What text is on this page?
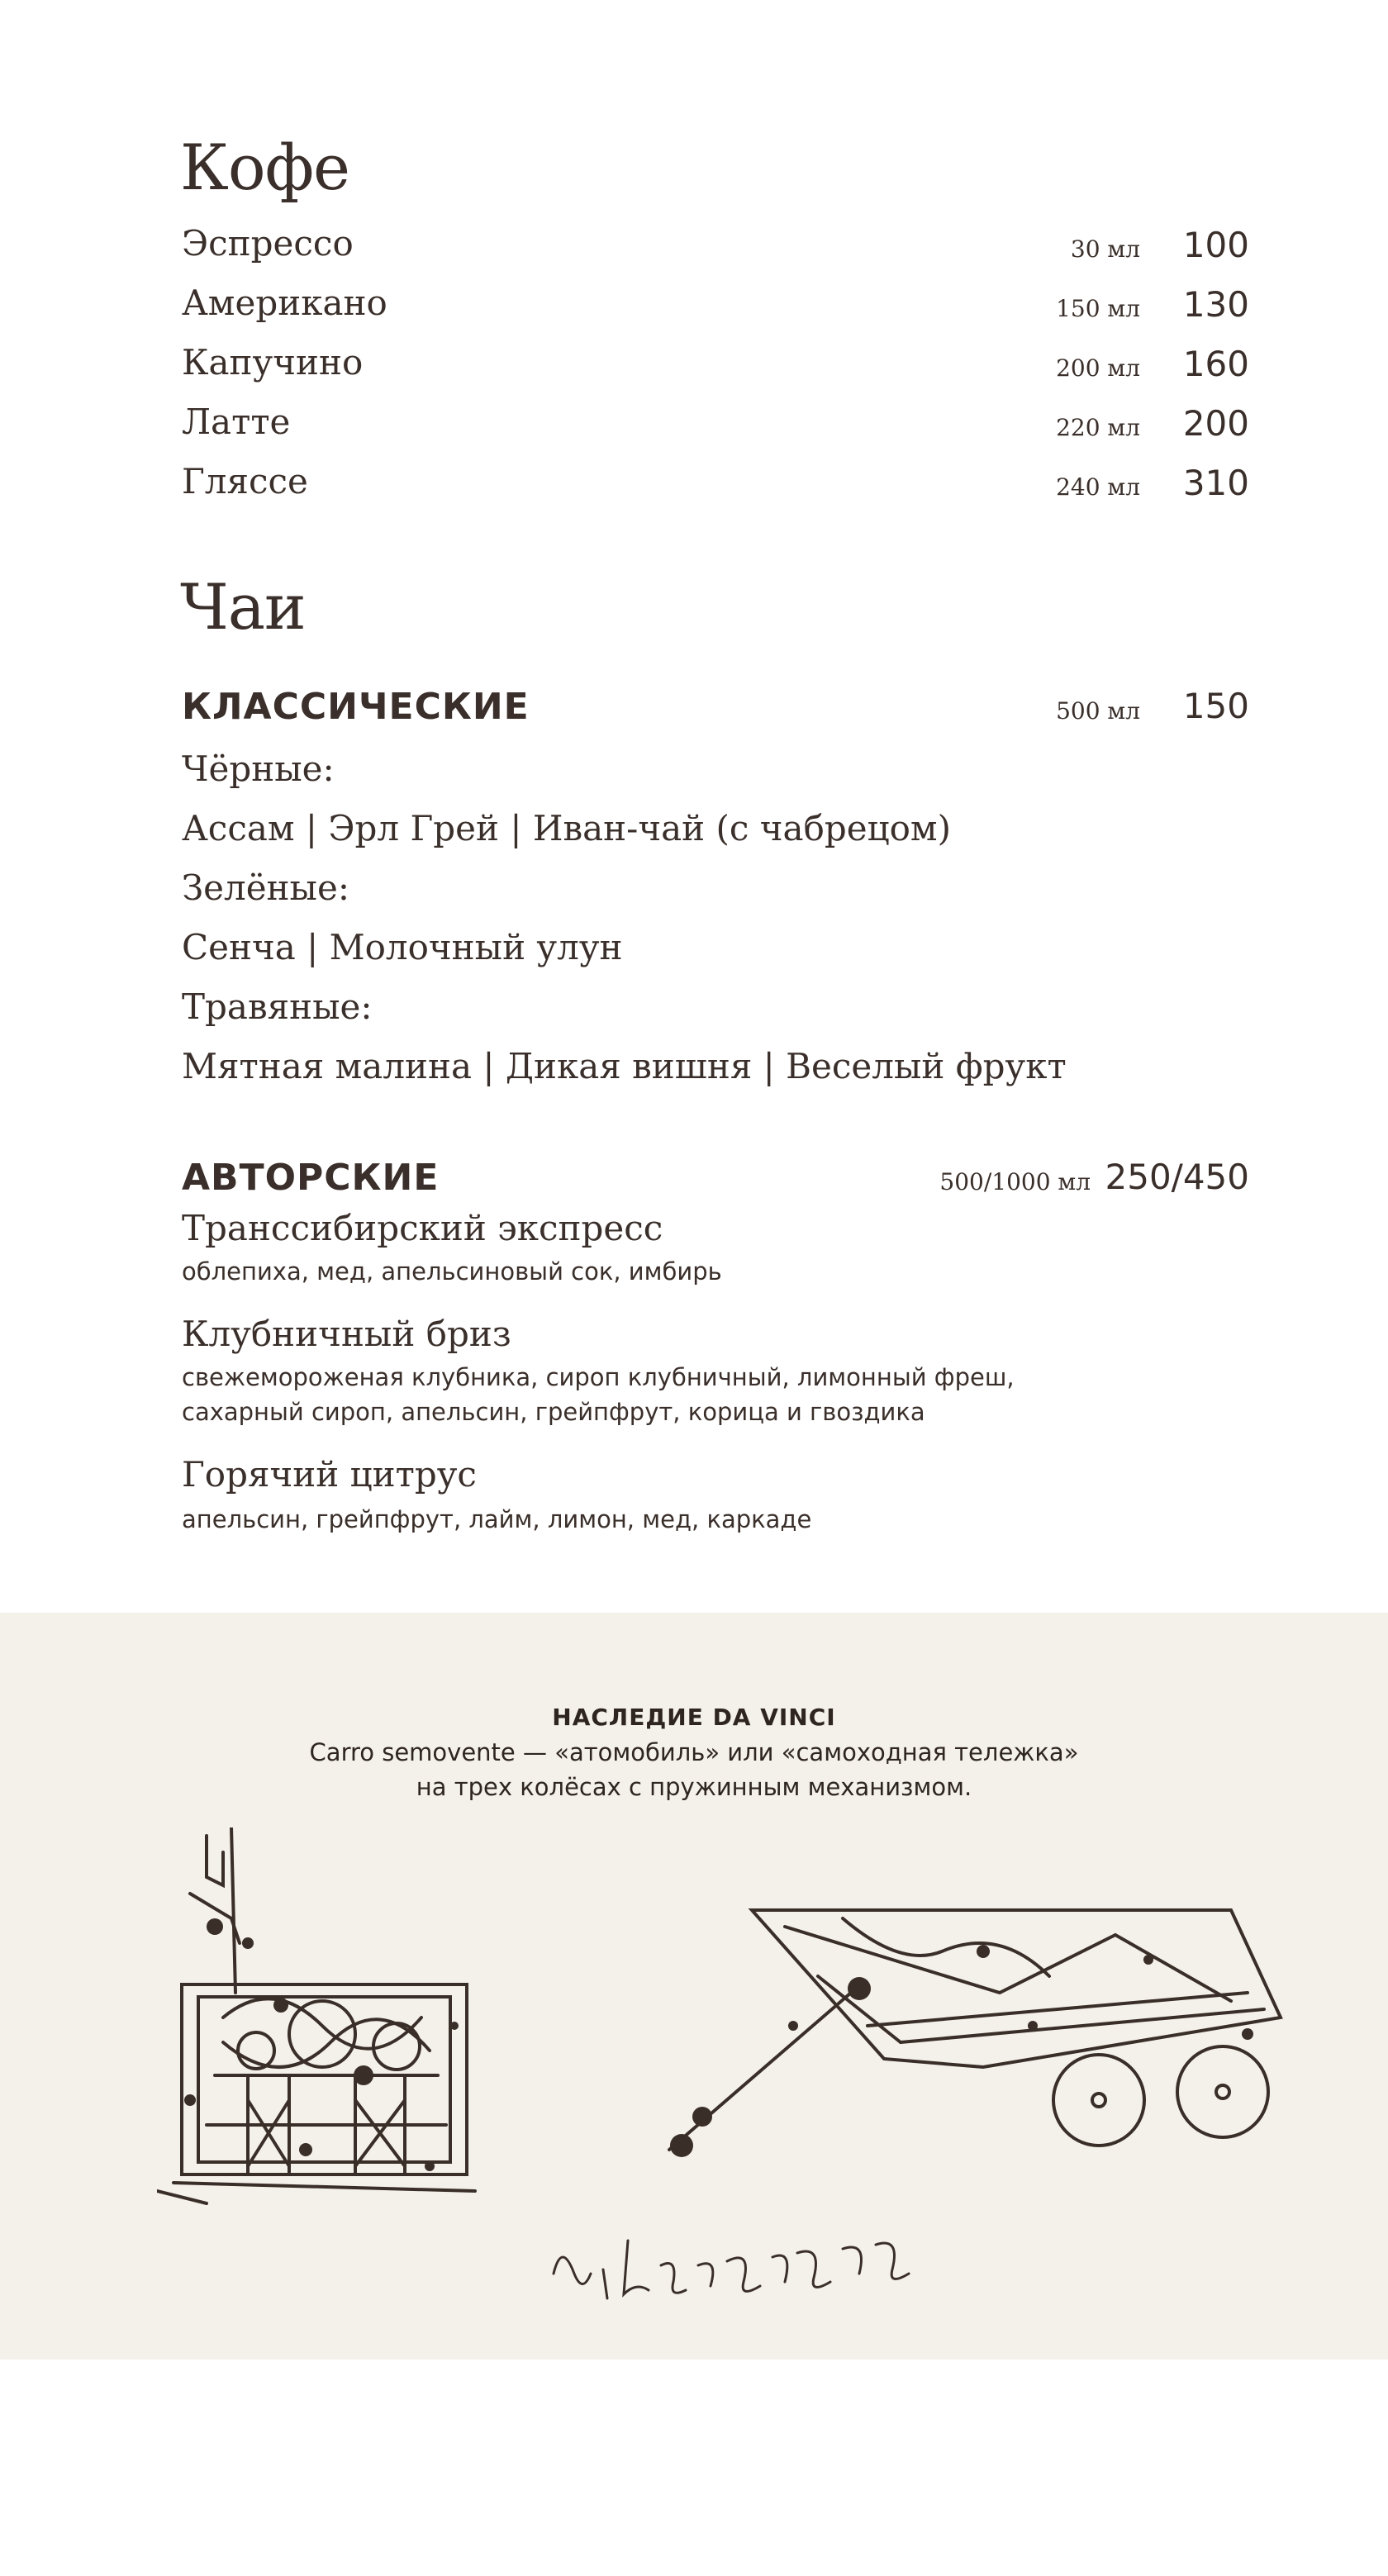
Кофе
Эспрессо	30 мл	100
Американо	150 мл	130
Капучино	200 мл	160
Латте	220 мл	200
Гляссе	240 мл	310
Чаи
КЛАССИЧЕСКИЕ	500 мл	150
Чёрные:
Ассам | Эрл Грей | Иван-чай (с чабрецом)
Зелёные:
Сенча | Молочный улун
Травяные:
Мятная малина | Дикая вишня | Веселый фрукт
АВТОРСКИЕ	500/1000 мл 250/450
Транссибирский экспресс
облепиха, мед, апельсиновый сок, имбирь
Клубничный бриз
свежемороженая клубника, сироп клубничный, лимонный фреш,
сахарный сироп, апельсин, грейпфрут, корица и гвоздика
Горячий цитрус
апельсин, грейпфрут, лайм, лимон, мед, каркаде
НАСЛЕДИЕ DA VINCI
Carro semovente — «атомобиль» или «самоходная тележка»
на трех колёсах с пружинным механизмом.
